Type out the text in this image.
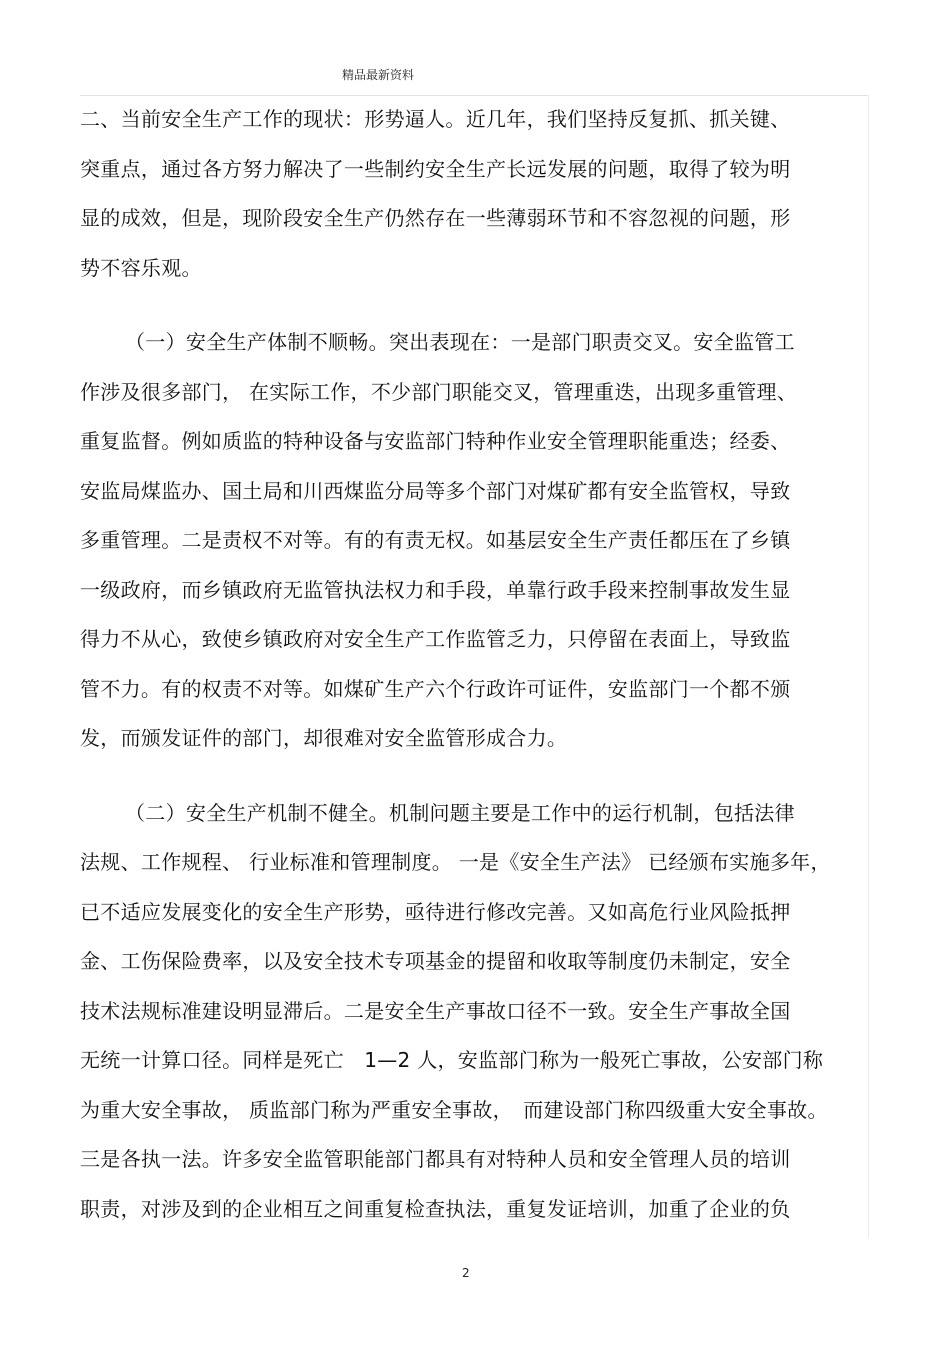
精品最新资料
二、当前安全生产工作的现状：形势逼人。近几年，我们坚持反复抓、抓关键、
突重点，通过各方努力解决了一些制约安全生产长远发展的问题，取得了较为明
显的成效，但是，现阶段安全生产仍然存在一些薄弱环节和不容忽视的问题，形
势不容乐观。
（一）安全生产体制不顺畅。突出表现在：一是部门职责交叉。安全监管工
作涉及很多部门， 在实际工作，不少部门职能交叉，管理重迭，出现多重管理、
重复监督。例如质监的特种设备与安监部门特种作业安全管理职能重迭；经委、
安监局煤监办、国土局和川西煤监分局等多个部门对煤矿都有安全监管权，导致
多重管理。二是责权不对等。有的有责无权。如基层安全生产责任都压在了乡镇
一级政府，而乡镇政府无监管执法权力和手段，单靠行政手段来控制事故发生显
得力不从心，致使乡镇政府对安全生产工作监管乏力，只停留在表面上，导致监
管不力。有的权责不对等。如煤矿生产六个行政许可证件，安监部门一个都不颁
发，而颁发证件的部门，却很难对安全监管形成合力。
（二）安全生产机制不健全。机制问题主要是工作中的运行机制，包括法律
法规、工作规程、 行业标准和管理制度。 一是《安全生产法》 已经颁布实施多年，
已不适应发展变化的安全生产形势，亟待进行修改完善。又如高危行业风险抵押
金、工伤保险费率，以及安全技术专项基金的提留和收取等制度仍未制定，安全
技术法规标准建设明显滞后。二是安全生产事故口径不一致。安全生产事故全国
无统一计算口径。同样是死亡　1—2 人，安监部门称为一般死亡事故，公安部门称
为重大安全事故， 质监部门称为严重安全事故，　而建设部门称四级重大安全事故。
三是各执一法。许多安全监管职能部门都具有对特种人员和安全管理人员的培训
职责，对涉及到的企业相互之间重复检查执法，重复发证培训，加重了企业的负
2
